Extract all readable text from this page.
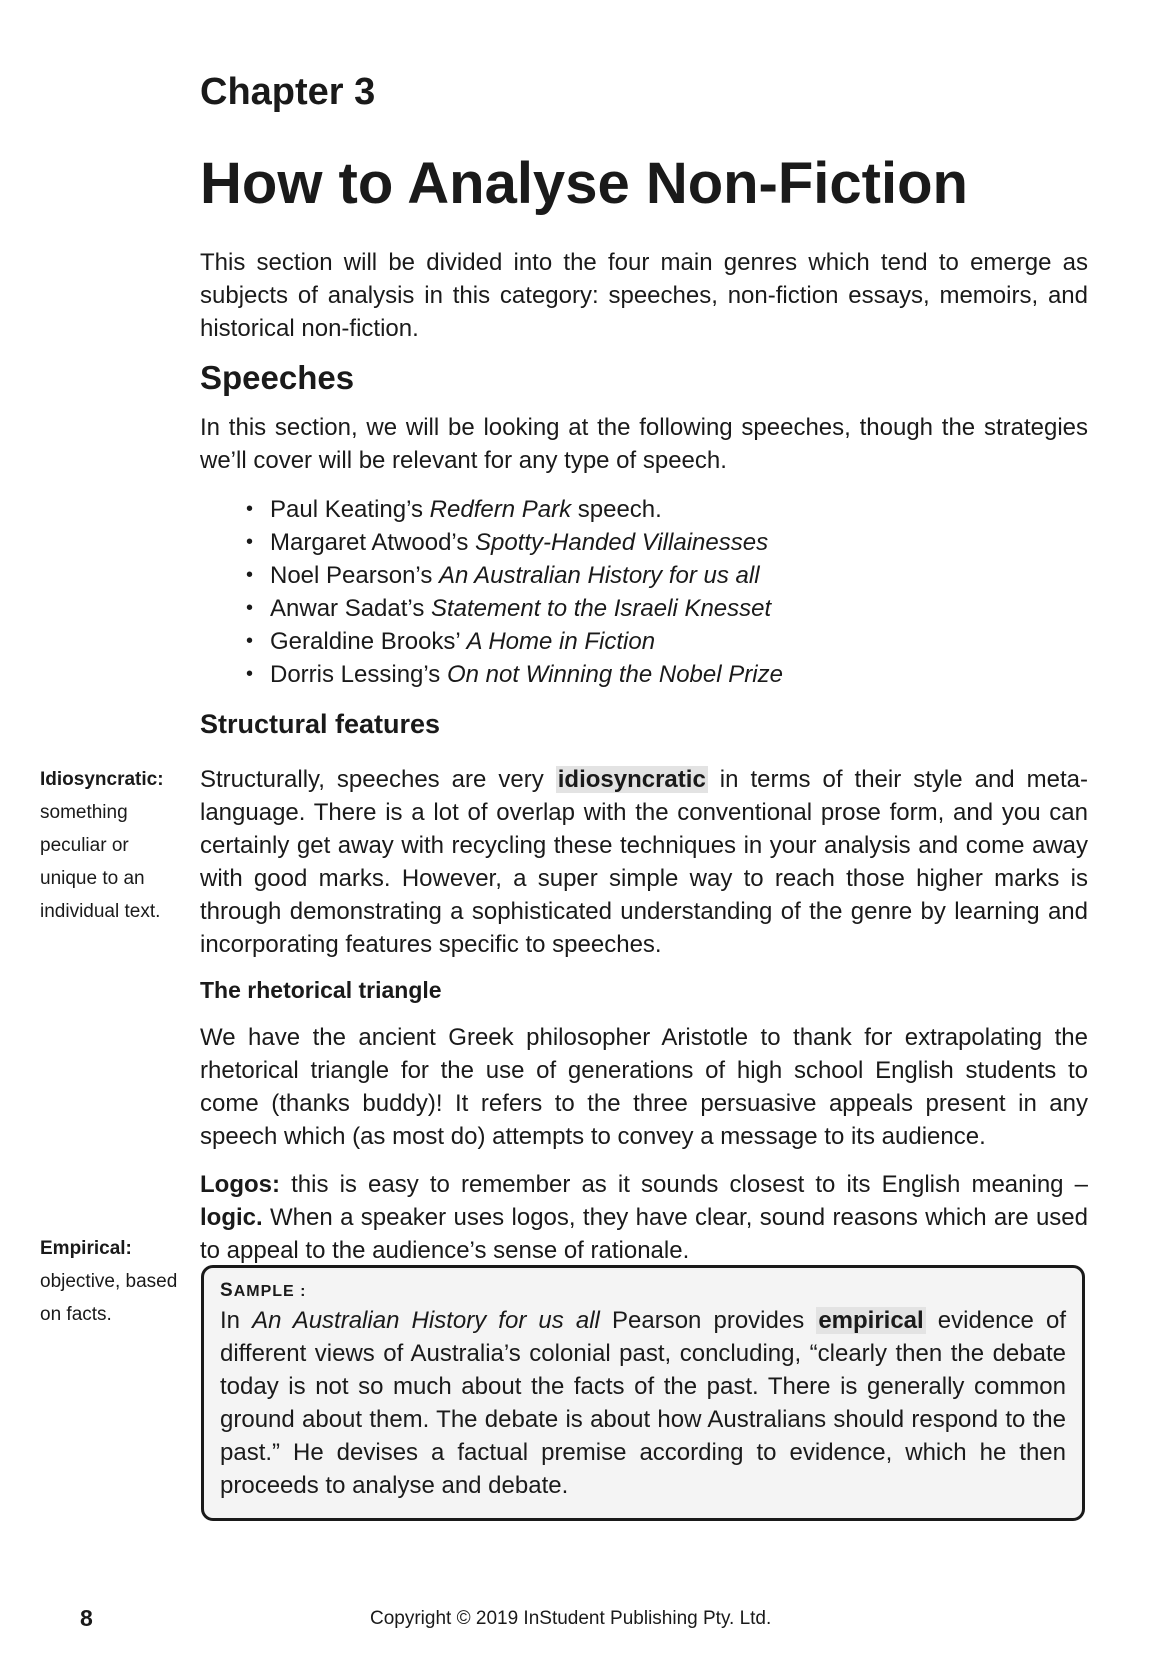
Chapter 3
How to Analyse Non-Fiction

This section will be divided into the four main genres which tend to emerge as subjects of analysis in this category: speeches, non-fiction essays, memoirs, and historical non-fiction.

Speeches

In this section, we will be looking at the following speeches, though the strategies we’ll cover will be relevant for any type of speech.

• Paul Keating’s Redfern Park speech.
• Margaret Atwood’s Spotty-Handed Villainesses
• Noel Pearson’s An Australian History for us all
• Anwar Sadat’s Statement to the Israeli Knesset
• Geraldine Brooks’ A Home in Fiction
• Dorris Lessing’s On not Winning the Nobel Prize
Structural features

Structurally, speeches are very idiosyncratic in terms of their style and meta-language. There is a lot of overlap with the conventional prose form, and you can certainly get away with recycling these techniques in your analysis and come away with good marks. However, a super simple way to reach those higher marks is through demonstrating a sophisticated understanding of the genre by learning and incorporating features specific to speeches.

The rhetorical triangle

We have the ancient Greek philosopher Aristotle to thank for extrapolating the rhetorical triangle for the use of generations of high school English students to come (thanks buddy)! It refers to the three persuasive appeals present in any speech which (as most do) attempts to convey a message to its audience.

Logos: this is easy to remember as it sounds closest to its English meaning – logic. When a speaker uses logos, they have clear, sound reasons which are used to appeal to the audience’s sense of rationale.

SAMPLE :

In An Australian History for us all Pearson provides empirical evidence of different views of Australia’s colonial past, concluding, “clearly then the debate today is not so much about the facts of the past. There is generally common ground about them. The debate is about how Australians should respond to the past.” He devises a factual premise according to evidence, which he then proceeds to analyse and debate.

Idiosyncratic: something peculiar or unique to an individual text.

Empirical: objective, based on facts.

8	Copyright © 2019 InStudent Publishing Pty. Ltd.
